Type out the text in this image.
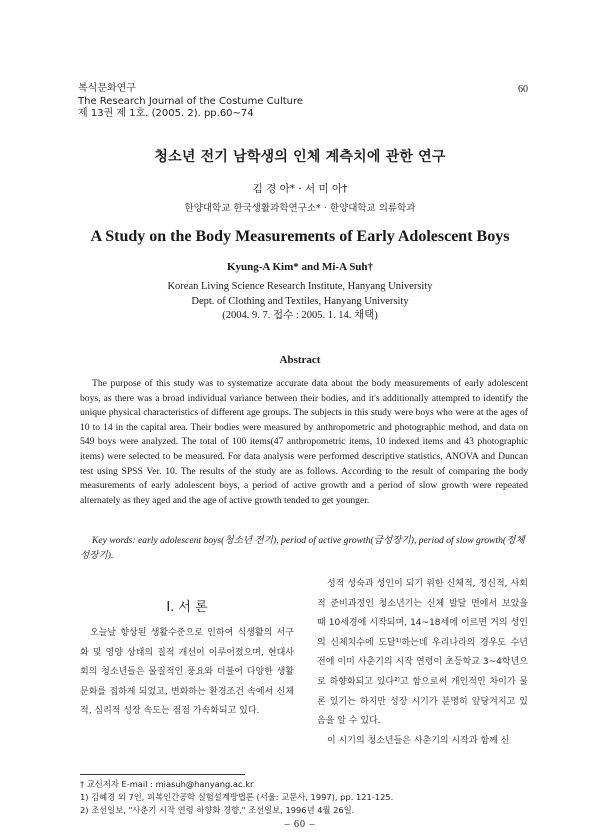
복식문화연구
The Research Journal of the Costume Culture
제 13권 제 1호. (2005. 2). pp.60~74
60
청소년 전기 남학생의 인체 계측치에 관한 연구
김 경 아* · 서 미 아†
한양대학교 한국생활과학연구소* · 한양대학교 의류학과
A Study on the Body Measurements of Early Adolescent Boys
Kyung-A Kim* and Mi-A Suh†
Korean Living Science Research Institute, Hanyang University
Dept. of Clothing and Textiles, Hanyang University
(2004. 9. 7. 접수 : 2005. 1. 14. 채택)
Abstract

The purpose of this study was to systematize accurate data about the body measurements of early adolescent boys, as there was a broad individual variance between their bodies, and it's additionally attempted to identify the unique physical characteristics of different age groups. The subjects in this study were boys who were at the ages of 10 to 14 in the capital area. Their bodies were measured by anthropometric and photographic method, and data on 549 boys were analyzed. The total of 100 items(47 anthropometric items, 10 indexed items and 43 photographic items) were selected to be measured. For data analysis were performed descriptive statistics, ANOVA and Duncan test using SPSS Ver. 10. The results of the study are as follows. According to the result of comparing the body measurements of early adolescent boys, a period of active growth and a period of slow growth were repeated alternately as they aged and the age of active growth tended to get younger.

Key words: early adolescent boys(청소년 전기), period of active growth(급성장기), period of slow growth(정체성장기).

I. 서 론

오늘날 향상된 생활수준으로 인하여 식생활의 서구화 및 영양 상태의 질적 개선이 이루어졌으며, 현대사회의 청소년들은 물질적인 풍요와 더불어 다양한 생활 문화를 접하게 되었고, 변화하는 환경조건 속에서 신체적, 심리적 성장 속도는 점점 가속화되고 있다.

성적 성숙과 성인이 되기 위한 신체적, 정신적, 사회적 준비과정인 청소년기는 신체 발달 면에서 보았을 때 10세경에 시작되며, 14~18세에 이르면 거의 성인의 신체치수에 도달¹⁾하는데 우리나라의 경우도 수년 전에 이미 사춘기의 시작 연령이 초등학교 3~4학년으로 하향화되고 있다²⁾고 함으로써 개인적인 차이가 물론 있기는 하지만 성장 시기가 분명히 앞당겨지고 있음을 알 수 있다.

이 시기의 청소년들은 사춘기의 시작과 함께 신

† 교신저자 E-mail : miasuh@hanyang.ac.kr
1) 김혜경 외 7인, 피복인간공학 실험설계방법론 (서울: 교문사, 1997), pp. 121-125.
2) 조선일보, "사춘기 시작 연령 하향화 경향," 조선일보, 1996년 4월 26일.
– 60 –
